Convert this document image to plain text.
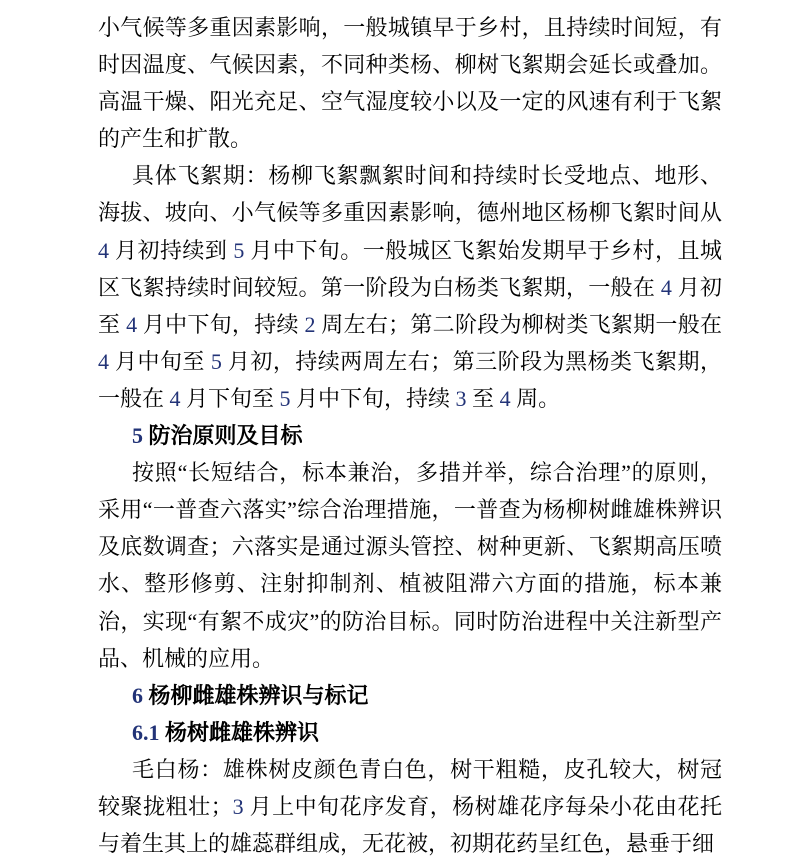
小气候等多重因素影响，一般城镇早于乡村，且持续时间短，有时因温度、气候因素，不同种类杨、柳树飞絮期会延长或叠加。高温干燥、阳光充足、空气湿度较小以及一定的风速有利于飞絮的产生和扩散。

具体飞絮期：杨柳飞絮飘絮时间和持续时长受地点、地形、海拔、坡向、小气候等多重因素影响，德州地区杨柳飞絮时间从 4 月初持续到 5 月中下旬。一般城区飞絮始发期早于乡村，且城区飞絮持续时间较短。第一阶段为白杨类飞絮期，一般在 4 月初至 4 月中下旬，持续 2 周左右；第二阶段为柳树类飞絮期一般在 4 月中旬至 5 月初，持续两周左右；第三阶段为黑杨类飞絮期，一般在 4 月下旬至 5 月中下旬，持续 3 至 4 周。

5 防治原则及目标

按照“长短结合，标本兼治，多措并举，综合治理”的原则，采用“一普查六落实”综合治理措施，一普查为杨柳树雌雄株辨识及底数调查；六落实是通过源头管控、树种更新、飞絮期高压喷水、整形修剪、注射抑制剂、植被阻滞六方面的措施，标本兼治，实现“有絮不成灾”的防治目标。同时防治进程中关注新型产品、机械的应用。

6 杨柳雌雄株辨识与标记
6.1 杨树雌雄株辨识

毛白杨：雄株树皮颜色青白色，树干粗糙，皮孔较大，树冠较聚拢粗壮；3 月上中旬花序发育，杨树雄花序每朵小花由花托与着生其上的雄蕊群组成，无花被，初期花药呈红色，悬垂于细
